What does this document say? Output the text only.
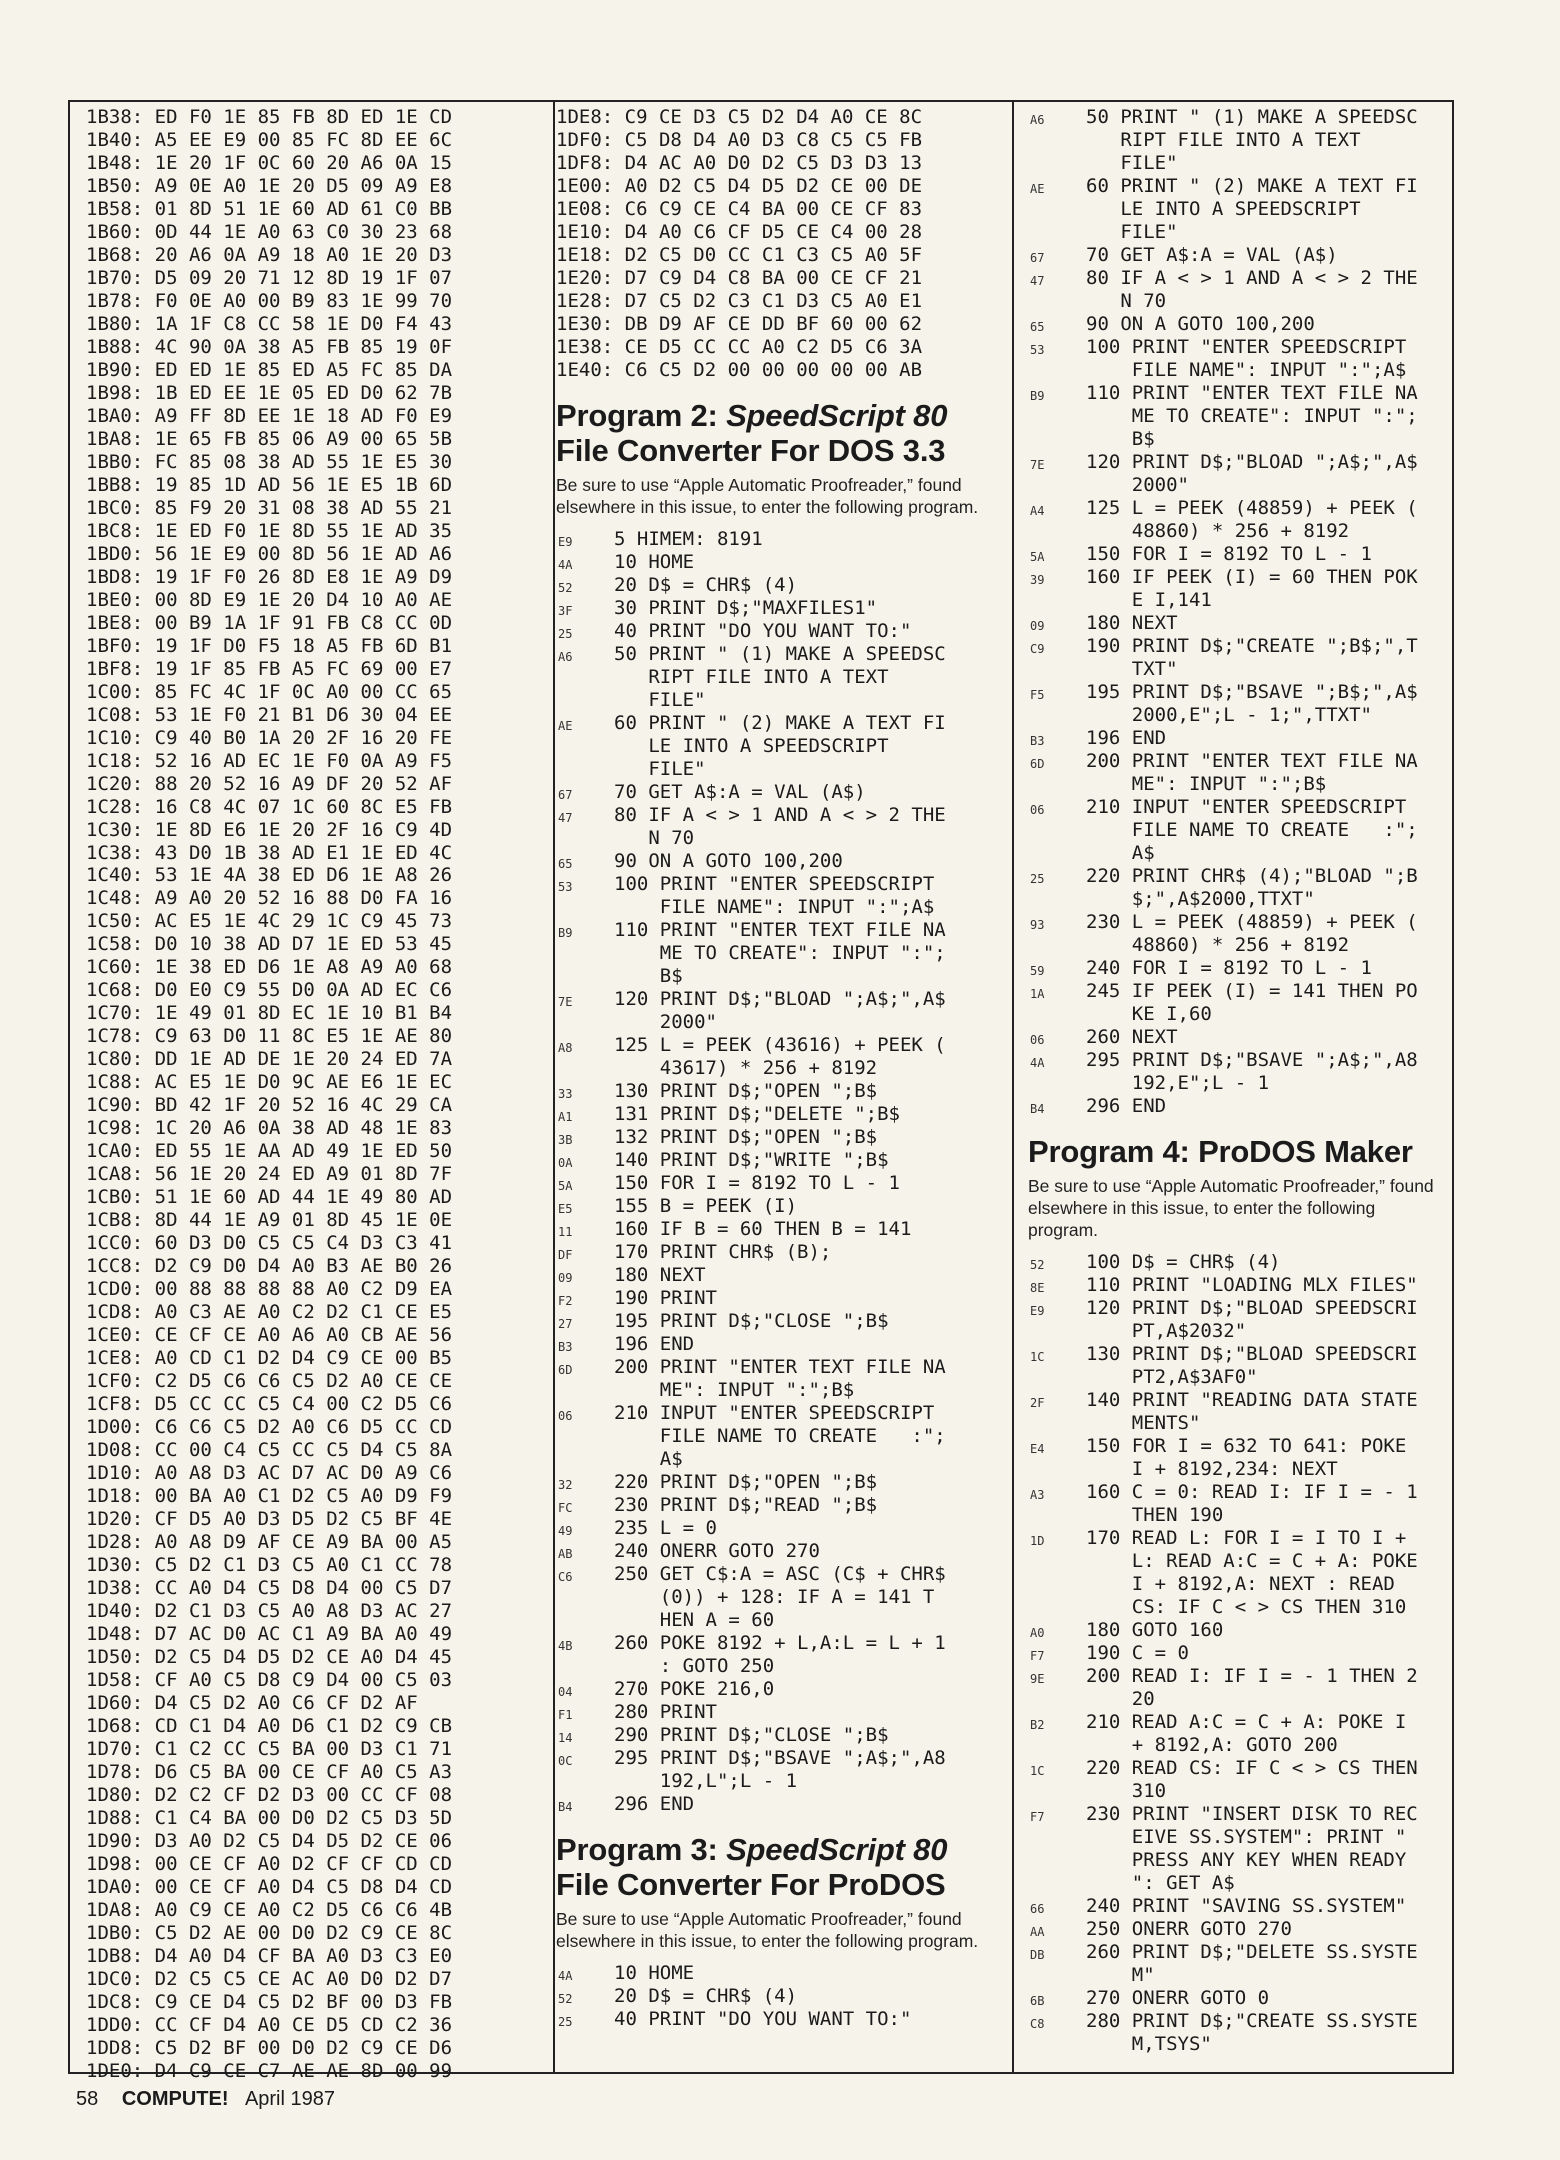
1B38: ED F0 1E 85 FB 8D ED 1E CD
1B40: A5 EE E9 00 85 FC 8D EE 6C
1B48: 1E 20 1F 0C 60 20 A6 0A 15
1B50: A9 0E A0 1E 20 D5 09 A9 E8
1B58: 01 8D 51 1E 60 AD 61 C0 BB
1B60: 0D 44 1E A0 63 C0 30 23 68
1B68: 20 A6 0A A9 18 A0 1E 20 D3
1B70: D5 09 20 71 12 8D 19 1F 07
1B78: F0 0E A0 00 B9 83 1E 99 70
1B80: 1A 1F C8 CC 58 1E D0 F4 43
1B88: 4C 90 0A 38 A5 FB 85 19 0F
1B90: ED ED 1E 85 ED A5 FC 85 DA
1B98: 1B ED EE 1E 05 ED D0 62 7B
1BA0: A9 FF 8D EE 1E 18 AD F0 E9
1BA8: 1E 65 FB 85 06 A9 00 65 5B
1BB0: FC 85 08 38 AD 55 1E E5 30
1BB8: 19 85 1D AD 56 1E E5 1B 6D
1BC0: 85 F9 20 31 08 38 AD 55 21
1BC8: 1E ED F0 1E 8D 55 1E AD 35
1BD0: 56 1E E9 00 8D 56 1E AD A6
1BD8: 19 1F F0 26 8D E8 1E A9 D9
1BE0: 00 8D E9 1E 20 D4 10 A0 AE
1BE8: 00 B9 1A 1F 91 FB C8 CC 0D
1BF0: 19 1F D0 F5 18 A5 FB 6D B1
1BF8: 19 1F 85 FB A5 FC 69 00 E7
1C00: 85 FC 4C 1F 0C A0 00 CC 65
1C08: 53 1E F0 21 B1 D6 30 04 EE
1C10: C9 40 B0 1A 20 2F 16 20 FE
1C18: 52 16 AD EC 1E F0 0A A9 F5
1C20: 88 20 52 16 A9 DF 20 52 AF
1C28: 16 C8 4C 07 1C 60 8C E5 FB
1C30: 1E 8D E6 1E 20 2F 16 C9 4D
1C38: 43 D0 1B 38 AD E1 1E ED 4C
1C40: 53 1E 4A 38 ED D6 1E A8 26
1C48: A9 A0 20 52 16 88 D0 FA 16
1C50: AC E5 1E 4C 29 1C C9 45 73
1C58: D0 10 38 AD D7 1E ED 53 45
1C60: 1E 38 ED D6 1E A8 A9 A0 68
1C68: D0 E0 C9 55 D0 0A AD EC C6
1C70: 1E 49 01 8D EC 1E 10 B1 B4
1C78: C9 63 D0 11 8C E5 1E AE 80
1C80: DD 1E AD DE 1E 20 24 ED 7A
1C88: AC E5 1E D0 9C AE E6 1E EC
1C90: BD 42 1F 20 52 16 4C 29 CA
1C98: 1C 20 A6 0A 38 AD 48 1E 83
1CA0: ED 55 1E AA AD 49 1E ED 50
1CA8: 56 1E 20 24 ED A9 01 8D 7F
1CB0: 51 1E 60 AD 44 1E 49 80 AD
1CB8: 8D 44 1E A9 01 8D 45 1E 0E
1CC0: 60 D3 D0 C5 C5 C4 D3 C3 41
1CC8: D2 C9 D0 D4 A0 B3 AE B0 26
1CD0: 00 88 88 88 88 A0 C2 D9 EA
1CD8: A0 C3 AE A0 C2 D2 C1 CE E5
1CE0: CE CF CE A0 A6 A0 CB AE 56
1CE8: A0 CD C1 D2 D4 C9 CE 00 B5
1CF0: C2 D5 C6 C6 C5 D2 A0 CE CE
1CF8: D5 CC CC C5 C4 00 C2 D5 C6
1D00: C6 C6 C5 D2 A0 C6 D5 CC CD
1D08: CC 00 C4 C5 CC C5 D4 C5 8A
1D10: A0 A8 D3 AC D7 AC D0 A9 C6
1D18: 00 BA A0 C1 D2 C5 A0 D9 F9
1D20: CF D5 A0 D3 D5 D2 C5 BF 4E
1D28: A0 A8 D9 AF CE A9 BA 00 A5
1D30: C5 D2 C1 D3 C5 A0 C1 CC 78
1D38: CC A0 D4 C5 D8 D4 00 C5 D7
1D40: D2 C1 D3 C5 A0 A8 D3 AC 27
1D48: D7 AC D0 AC C1 A9 BA A0 49
1D50: D2 C5 D4 D5 D2 CE A0 D4 45
1D58: CF A0 C5 D8 C9 D4 00 C5 03
1D60: D4 C5 D2 A0 C6 CF D2 AF
1D68: CD C1 D4 A0 D6 C1 D2 C9 CB
1D70: C1 C2 CC C5 BA 00 D3 C1 71
1D78: D6 C5 BA 00 CE CF A0 C5 A3
1D80: D2 C2 CF D2 D3 00 CC CF 08
1D88: C1 C4 BA 00 D0 D2 C5 D3 5D
1D90: D3 A0 D2 C5 D4 D5 D2 CE 06
1D98: 00 CE CF A0 D2 CF CF CD CD
1DA0: 00 CE CF A0 D4 C5 D8 D4 CD
1DA8: A0 C9 CE A0 C2 D5 C6 C6 4B
1DB0: C5 D2 AE 00 D0 D2 C9 CE 8C
1DB8: D4 A0 D4 CF BA A0 D3 C3 E0
1DC0: D2 C5 C5 CE AC A0 D0 D2 D7
1DC8: C9 CE D4 C5 D2 BF 00 D3 FB
1DD0: CC CF D4 A0 CE D5 CD C2 36
1DD8: C5 D2 BF 00 D0 D2 C9 CE D6
1DE0: D4 C9 CE C7 AE AE 8D 00 99
1DE8: C9 CE D3 C5 D2 D4 A0 CE 8C
1DF0: C5 D8 D4 A0 D3 C8 C5 C5 FB
1DF8: D4 AC A0 D0 D2 C5 D3 D3 13
1E00: A0 D2 C5 D4 D5 D2 CE 00 DE
1E08: C6 C9 CE C4 BA 00 CE CF 83
1E10: D4 A0 C6 CF D5 CE C4 00 28
1E18: D2 C5 D0 CC C1 C3 C5 A0 5F
1E20: D7 C9 D4 C8 BA 00 CE CF 21
1E28: D7 C5 D2 C3 C1 D3 C5 A0 E1
1E30: DB D9 AF CE DD BF 60 00 62
1E38: CE D5 CC CC A0 C2 D5 C6 3A
1E40: C6 C5 D2 00 00 00 00 00 AB
Program 2: SpeedScript 80
File Converter For DOS 3.3

Be sure to use “Apple Automatic Proofreader,” found elsewhere in this issue, to enter the following program.

E9 5 HIMEM: 8191
4A 10 HOME
52 20 D$ = CHR$ (4)
3F 30 PRINT D$;"MAXFILES1"
25 40 PRINT "DO YOU WANT TO:"
A6 50 PRINT " (1) MAKE A SPEEDSC
RIPT FILE INTO A TEXT
FILE"
AE 60 PRINT " (2) MAKE A TEXT FI
LE INTO A SPEEDSCRIPT
FILE"
67 70 GET A$:A = VAL (A$)
47 80 IF A < > 1 AND A < > 2 THE
N 70
65 90 ON A GOTO 100,200
53 100 PRINT "ENTER SPEEDSCRIPT
FILE NAME": INPUT ":";A$
B9 110 PRINT "ENTER TEXT FILE NA
ME TO CREATE": INPUT ":";
B$
7E 120 PRINT D$;"BLOAD ";A$;",A$
2000"
A8 125 L = PEEK (43616) + PEEK (
43617) * 256 + 8192
33 130 PRINT D$;"OPEN ";B$
A1 131 PRINT D$;"DELETE ";B$
3B 132 PRINT D$;"OPEN ";B$
0A 140 PRINT D$;"WRITE ";B$
5A 150 FOR I = 8192 TO L - 1
E5 155 B = PEEK (I)
11 160 IF B = 60 THEN B = 141
DF 170 PRINT CHR$ (B);
09 180 NEXT
F2 190 PRINT
27 195 PRINT D$;"CLOSE ";B$
B3 196 END
6D 200 PRINT "ENTER TEXT FILE NA
ME": INPUT ":";B$
06 210 INPUT "ENTER SPEEDSCRIPT
FILE NAME TO CREATE   :";
A$
32 220 PRINT D$;"OPEN ";B$
FC 230 PRINT D$;"READ ";B$
49 235 L = 0
AB 240 ONERR GOTO 270
C6 250 GET C$:A = ASC (C$ + CHR$
(0)) + 128: IF A = 141 T
HEN A = 60
4B 260 POKE 8192 + L,A:L = L + 1
: GOTO 250
04 270 POKE 216,0
F1 280 PRINT
14 290 PRINT D$;"CLOSE ";B$
0C 295 PRINT D$;"BSAVE ";A$;",A8
192,L";L - 1
B4 296 END
Program 3: SpeedScript 80
File Converter For ProDOS

Be sure to use “Apple Automatic Proofreader,” found elsewhere in this issue, to enter the following program.

4A 10 HOME
52 20 D$ = CHR$ (4)
25 40 PRINT "DO YOU WANT TO:"
A6 50 PRINT " (1) MAKE A SPEEDSC
RIPT FILE INTO A TEXT
FILE"
AE 60 PRINT " (2) MAKE A TEXT FI
LE INTO A SPEEDSCRIPT
FILE"
67 70 GET A$:A = VAL (A$)
47 80 IF A < > 1 AND A < > 2 THE
N 70
65 90 ON A GOTO 100,200
53 100 PRINT "ENTER SPEEDSCRIPT
FILE NAME": INPUT ":";A$
B9 110 PRINT "ENTER TEXT FILE NA
ME TO CREATE": INPUT ":";
B$
7E 120 PRINT D$;"BLOAD ";A$;",A$
2000"
A4 125 L = PEEK (48859) + PEEK (
48860) * 256 + 8192
5A 150 FOR I = 8192 TO L - 1
39 160 IF PEEK (I) = 60 THEN POK
E I,141
09 180 NEXT
C9 190 PRINT D$;"CREATE ";B$;",T
TXT"
F5 195 PRINT D$;"BSAVE ";B$;",A$
2000,E";L - 1;",TTXT"
B3 196 END
6D 200 PRINT "ENTER TEXT FILE NA
ME": INPUT ":";B$
06 210 INPUT "ENTER SPEEDSCRIPT
FILE NAME TO CREATE   :";
A$
25 220 PRINT CHR$ (4);"BLOAD ";B
$;",A$2000,TTXT"
93 230 L = PEEK (48859) + PEEK (
48860) * 256 + 8192
59 240 FOR I = 8192 TO L - 1
1A 245 IF PEEK (I) = 141 THEN PO
KE I,60
06 260 NEXT
4A 295 PRINT D$;"BSAVE ";A$;",A8
192,E";L - 1
B4 296 END
Program 4: ProDOS Maker

Be sure to use “Apple Automatic Proofreader,” found elsewhere in this issue, to enter the following program.

52 100 D$ = CHR$ (4)
8E 110 PRINT "LOADING MLX FILES"
E9 120 PRINT D$;"BLOAD SPEEDSCRI
PT,A$2032"
1C 130 PRINT D$;"BLOAD SPEEDSCRI
PT2,A$3AF0"
2F 140 PRINT "READING DATA STATE
MENTS"
E4 150 FOR I = 632 TO 641: POKE
I + 8192,234: NEXT
A3 160 C = 0: READ I: IF I = - 1
THEN 190
1D 170 READ L: FOR I = I TO I +
L: READ A:C = C + A: POKE
I + 8192,A: NEXT : READ
CS: IF C < > CS THEN 310
A0 180 GOTO 160
F7 190 C = 0
9E 200 READ I: IF I = - 1 THEN 2
20
B2 210 READ A:C = C + A: POKE I
+ 8192,A: GOTO 200
1C 220 READ CS: IF C < > CS THEN
310
F7 230 PRINT "INSERT DISK TO REC
EIVE SS.SYSTEM": PRINT "
PRESS ANY KEY WHEN READY
": GET A$
66 240 PRINT "SAVING SS.SYSTEM"
AA 250 ONERR GOTO 270
DB 260 PRINT D$;"DELETE SS.SYSTE
M"
6B 270 ONERR GOTO 0
C8 280 PRINT D$;"CREATE SS.SYSTE
M,TSYS"
58 COMPUTE! April 1987
